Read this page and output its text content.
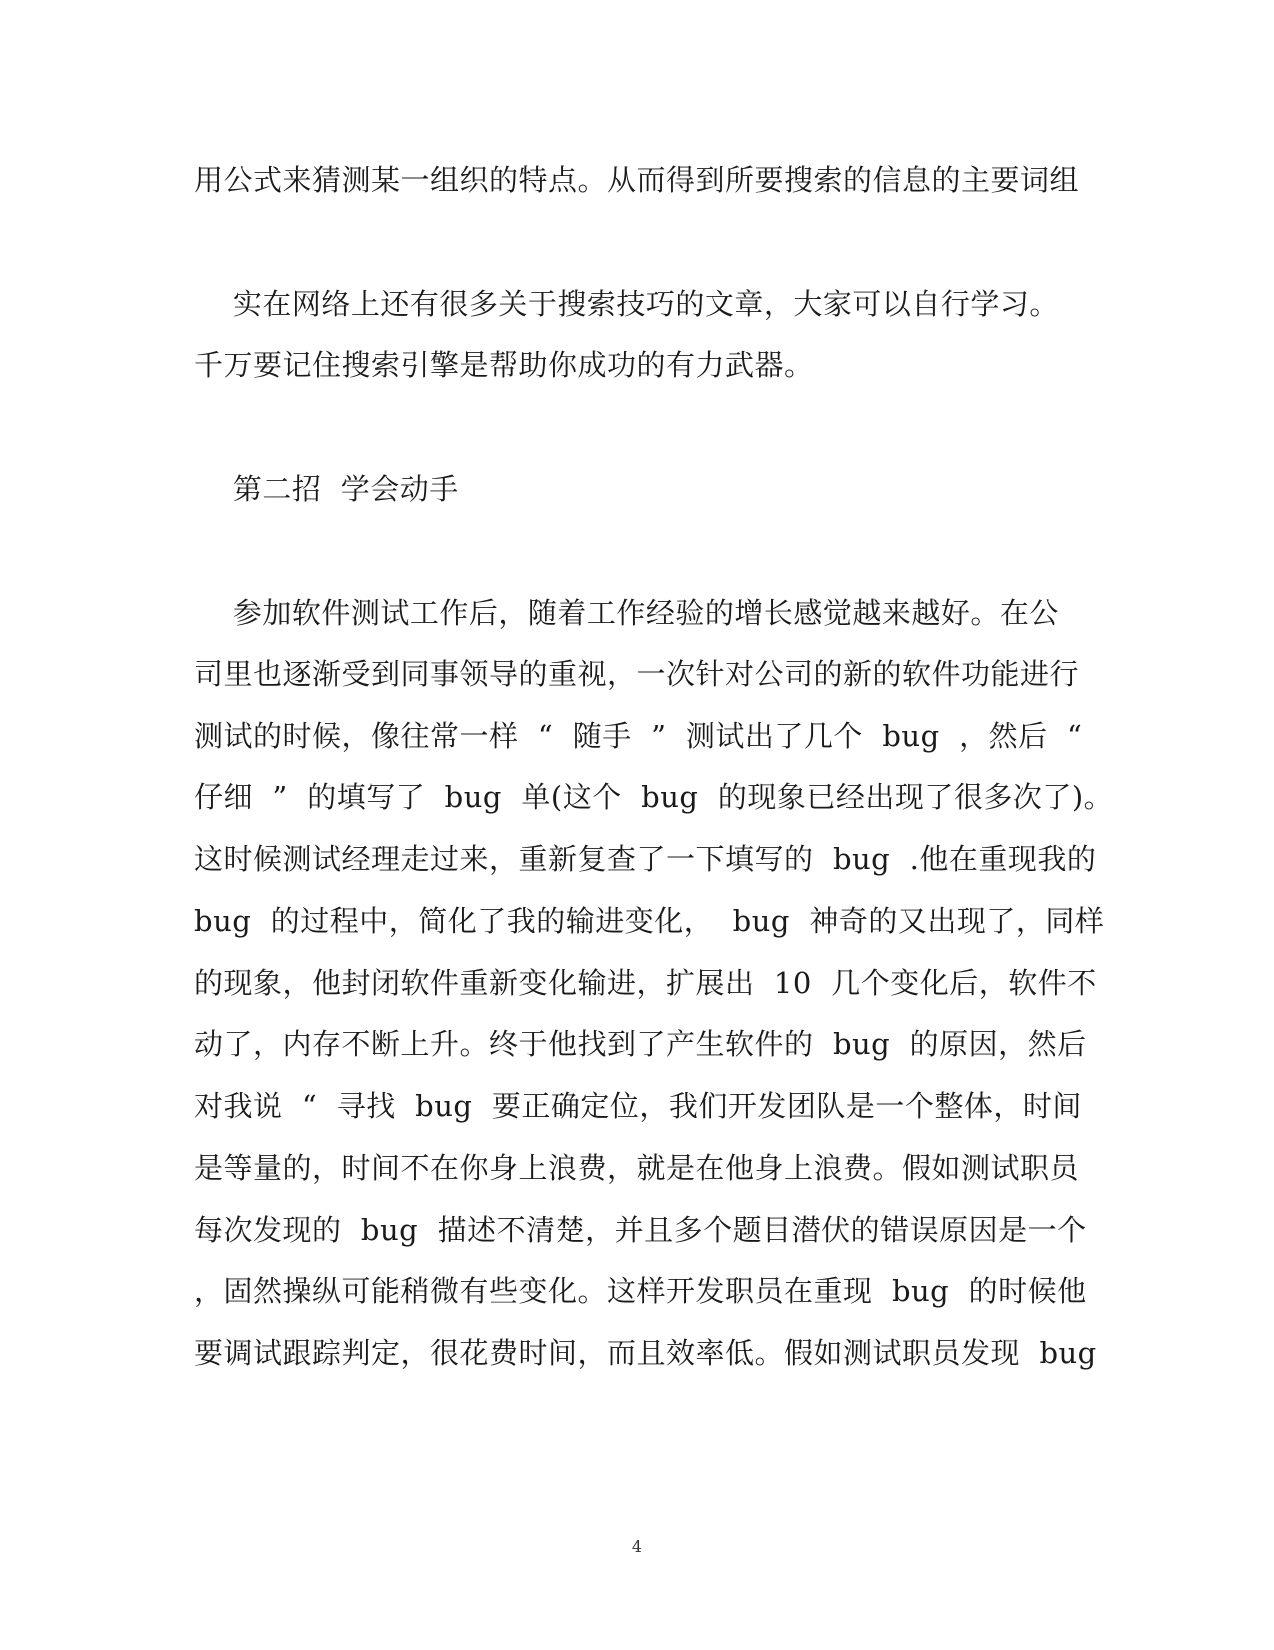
用公式来猜测某一组织的特点。从而得到所要搜索的信息的主要词组
实在网络上还有很多关于搜索技巧的文章，大家可以自行学习。
千万要记住搜索引擎是帮助你成功的有力武器。
第二招  学会动手
参加软件测试工作后，随着工作经验的增长感觉越来越好。在公
司里也逐渐受到同事领导的重视，一次针对公司的新的软件功能进行
测试的时候，像往常一样  “  随手  ”  测试出了几个  bug  ，然后  “
仔细  ”  的填写了  bug  单(这个  bug  的现象已经出现了很多次了)。
这时候测试经理走过来，重新复查了一下填写的  bug  .他在重现我的
bug  的过程中，简化了我的输进变化，  bug  神奇的又出现了，同样
的现象，他封闭软件重新变化输进，扩展出  10  几个变化后，软件不
动了，内存不断上升。终于他找到了产生软件的  bug  的原因，然后
对我说  “  寻找  bug  要正确定位，我们开发团队是一个整体，时间
是等量的，时间不在你身上浪费，就是在他身上浪费。假如测试职员
每次发现的  bug  描述不清楚，并且多个题目潜伏的错误原因是一个
，固然操纵可能稍微有些变化。这样开发职员在重现  bug  的时候他
要调试跟踪判定，很花费时间，而且效率低。假如测试职员发现  bug
4
